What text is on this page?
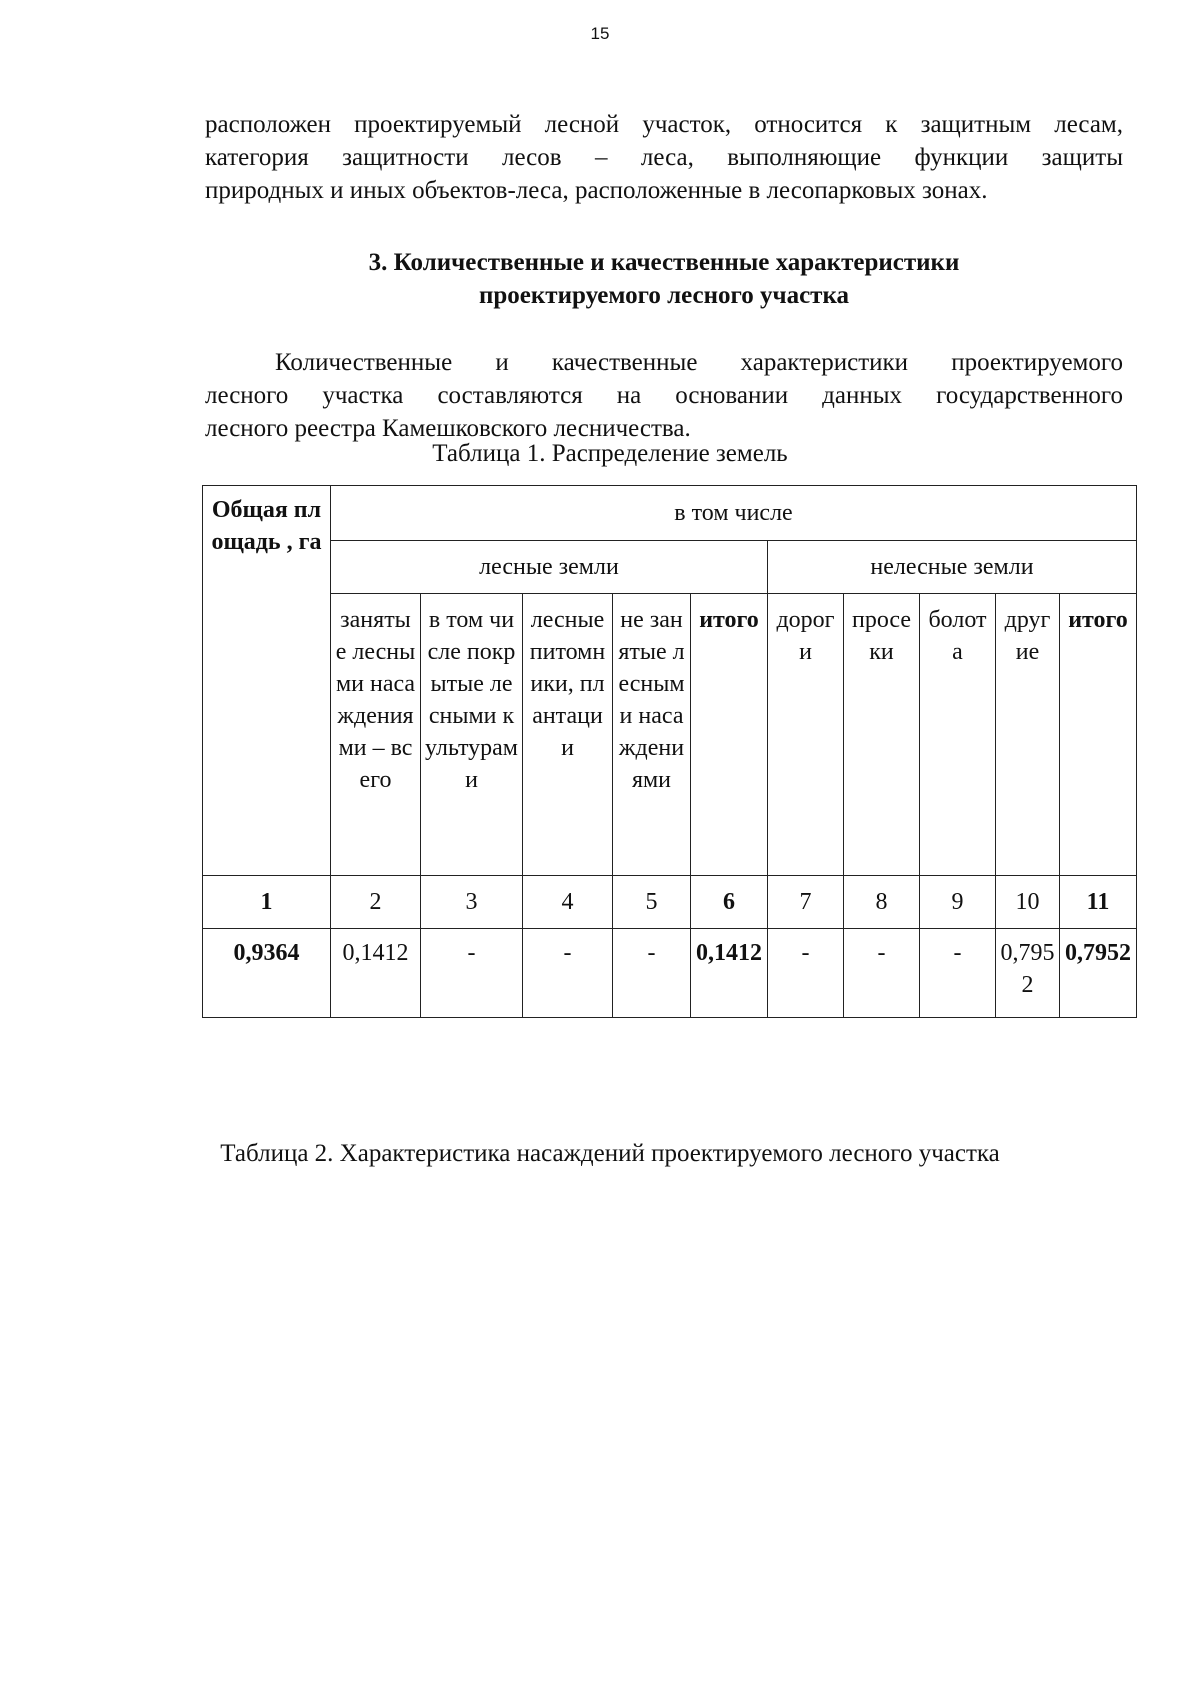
15
расположен проектируемый лесной участок, относится к защитным лесам,
категория защитности лесов – леса, выполняющие функции защиты
природных и иных объектов-леса, расположенные в лесопарковых зонах.
3. Количественные и качественные характеристики
проектируемого лесного участка
Количественные и качественные характеристики проектируемого
лесного участка составляются на основании данных государственного
лесного реестра Камешковского лесничества.
Таблица 1. Распределение земель
Общая площадь , га	в том числе									
	лесные земли					нелесные земли				
	занятые лесными насаждениями – всего	в том числе покрытые лесными культурами	лесные питомники, плантации	не занятые лесными насаждениями	итого	дороги	просеки	болота	другие	итого
1	2	3	4	5	6	7	8	9	10	11
0,9364	0,1412	-	-	-	0,1412	-	-	-	0,7952	0,7952
Таблица 2. Характеристика насаждений проектируемого лесного участка
